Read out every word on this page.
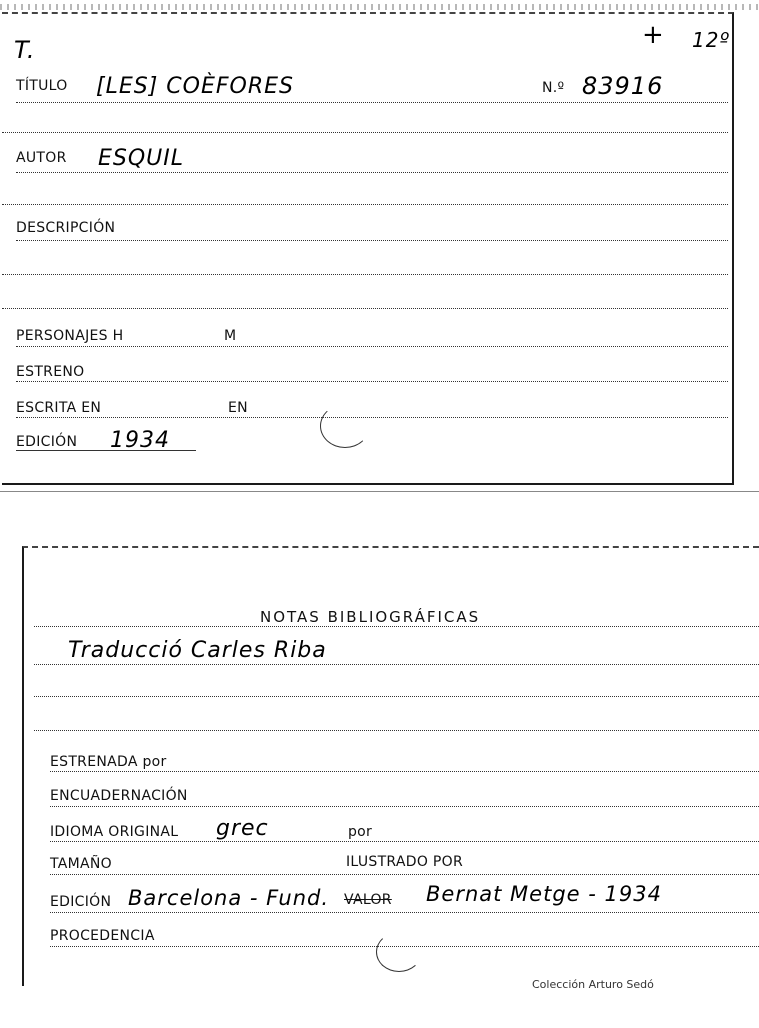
T.	+ 12º
TÍTULO [LES] COÈFORES	N.º 83916
AUTOR ESQUIL
DESCRIPCIÓN
PERSONAJES H	M
ESTRENO
ESCRITA EN	EN
EDICIÓN 1934
NOTAS BIBLIOGRÁFICAS
Traducció Carles Riba
ESTRENADA por
ENCUADERNACIÓN
IDIOMA ORIGINAL grec	por
TAMAÑO	ILUSTRADO POR
EDICIÓN Barcelona - Fund. VALOR Bernat Metge - 1934
PROCEDENCIA
Colección Arturo Sedó
